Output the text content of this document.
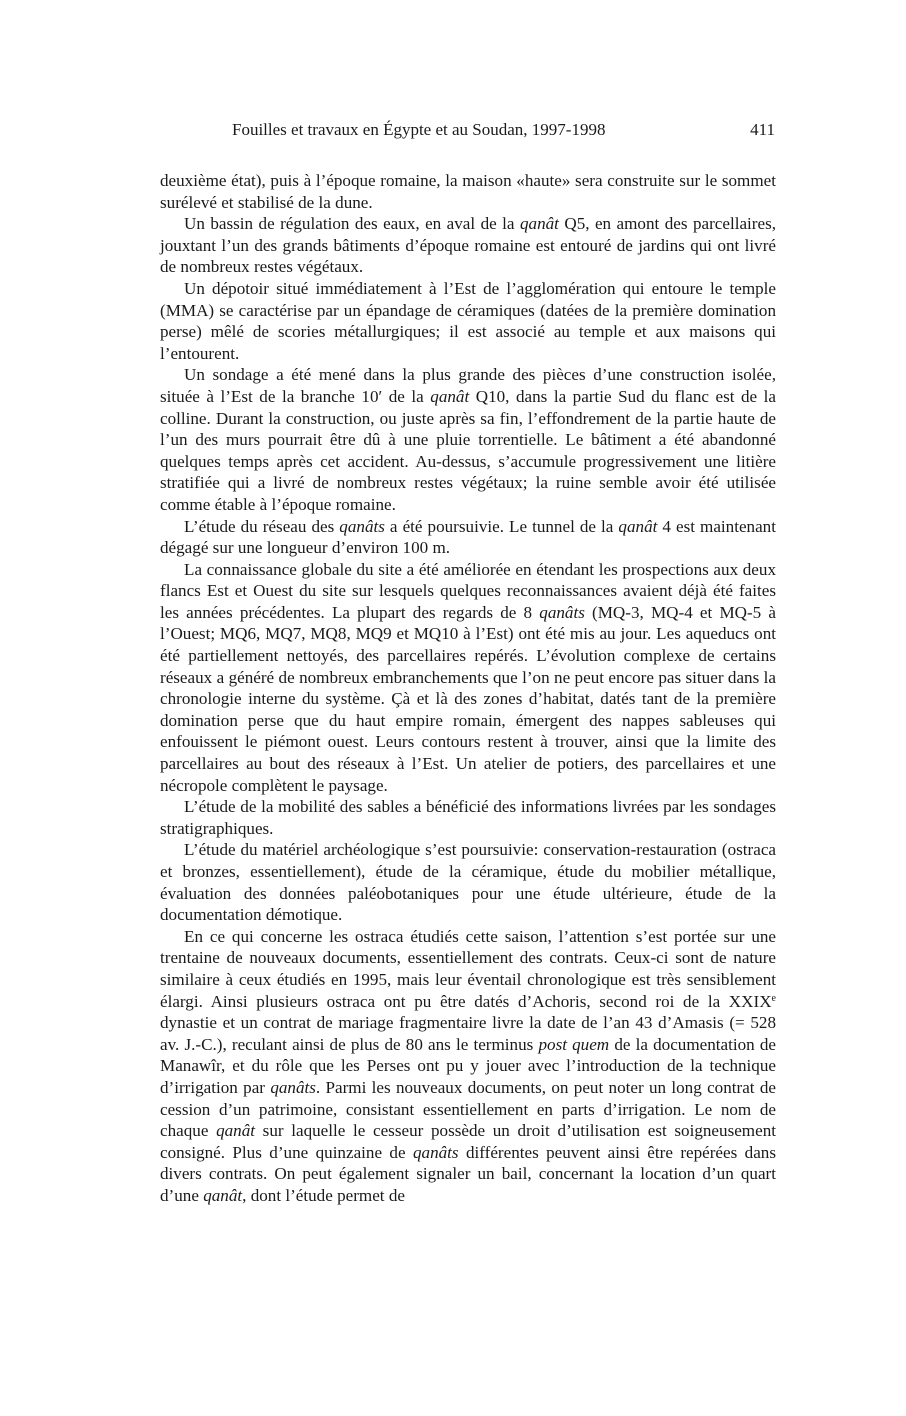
Fouilles et travaux en Égypte et au Soudan, 1997-1998	411

deuxième état), puis à l’époque romaine, la maison «haute» sera construite sur le sommet surélevé et stabilisé de la dune.

Un bassin de régulation des eaux, en aval de la qanât Q5, en amont des parcellaires, jouxtant l’un des grands bâtiments d’époque romaine est entouré de jardins qui ont livré de nombreux restes végétaux.

Un dépotoir situé immédiatement à l’Est de l’agglomération qui entoure le temple (MMA) se caractérise par un épandage de céramiques (datées de la première domination perse) mêlé de scories métallurgiques; il est associé au temple et aux maisons qui l’entourent.

Un sondage a été mené dans la plus grande des pièces d’une construction isolée, située à l’Est de la branche 10′ de la qanât Q10, dans la partie Sud du flanc est de la colline. Durant la construction, ou juste après sa fin, l’effondrement de la partie haute de l’un des murs pourrait être dû à une pluie torrentielle. Le bâtiment a été abandonné quelques temps après cet accident. Au-dessus, s’accumule progressivement une litière stratifiée qui a livré de nombreux restes végétaux; la ruine semble avoir été utilisée comme étable à l’époque romaine.

L’étude du réseau des qanâts a été poursuivie. Le tunnel de la qanât 4 est maintenant dégagé sur une longueur d’environ 100 m.

La connaissance globale du site a été améliorée en étendant les prospections aux deux flancs Est et Ouest du site sur lesquels quelques reconnaissances avaient déjà été faites les années précédentes. La plupart des regards de 8 qanâts (MQ-3, MQ-4 et MQ-5 à l’Ouest; MQ6, MQ7, MQ8, MQ9 et MQ10 à l’Est) ont été mis au jour. Les aqueducs ont été partiellement nettoyés, des parcellaires repérés. L’évolution complexe de certains réseaux a généré de nombreux embranchements que l’on ne peut encore pas situer dans la chronologie interne du système. Çà et là des zones d’habitat, datés tant de la première domination perse que du haut empire romain, émergent des nappes sableuses qui enfouissent le piémont ouest. Leurs contours restent à trouver, ainsi que la limite des parcellaires au bout des réseaux à l’Est. Un atelier de potiers, des parcellaires et une nécropole complètent le paysage.

L’étude de la mobilité des sables a bénéficié des informations livrées par les sondages stratigraphiques.

L’étude du matériel archéologique s’est poursuivie: conservation-restauration (ostraca et bronzes, essentiellement), étude de la céramique, étude du mobilier métallique, évaluation des données paléobotaniques pour une étude ultérieure, étude de la documentation démotique.

En ce qui concerne les ostraca étudiés cette saison, l’attention s’est portée sur une trentaine de nouveaux documents, essentiellement des contrats. Ceux-ci sont de nature similaire à ceux étudiés en 1995, mais leur éventail chronologique est très sensiblement élargi. Ainsi plusieurs ostraca ont pu être datés d’Achoris, second roi de la XXIXe dynastie et un contrat de mariage fragmentaire livre la date de l’an 43 d’Amasis (= 528 av. J.-C.), reculant ainsi de plus de 80 ans le terminus post quem de la documentation de Manawîr, et du rôle que les Perses ont pu y jouer avec l’introduction de la technique d’irrigation par qanâts. Parmi les nouveaux documents, on peut noter un long contrat de cession d’un patrimoine, consistant essentiellement en parts d’irrigation. Le nom de chaque qanât sur laquelle le cesseur possède un droit d’utilisation est soigneusement consigné. Plus d’une quinzaine de qanâts différentes peuvent ainsi être repérées dans divers contrats. On peut également signaler un bail, concernant la location d’un quart d’une qanât, dont l’étude permet de
